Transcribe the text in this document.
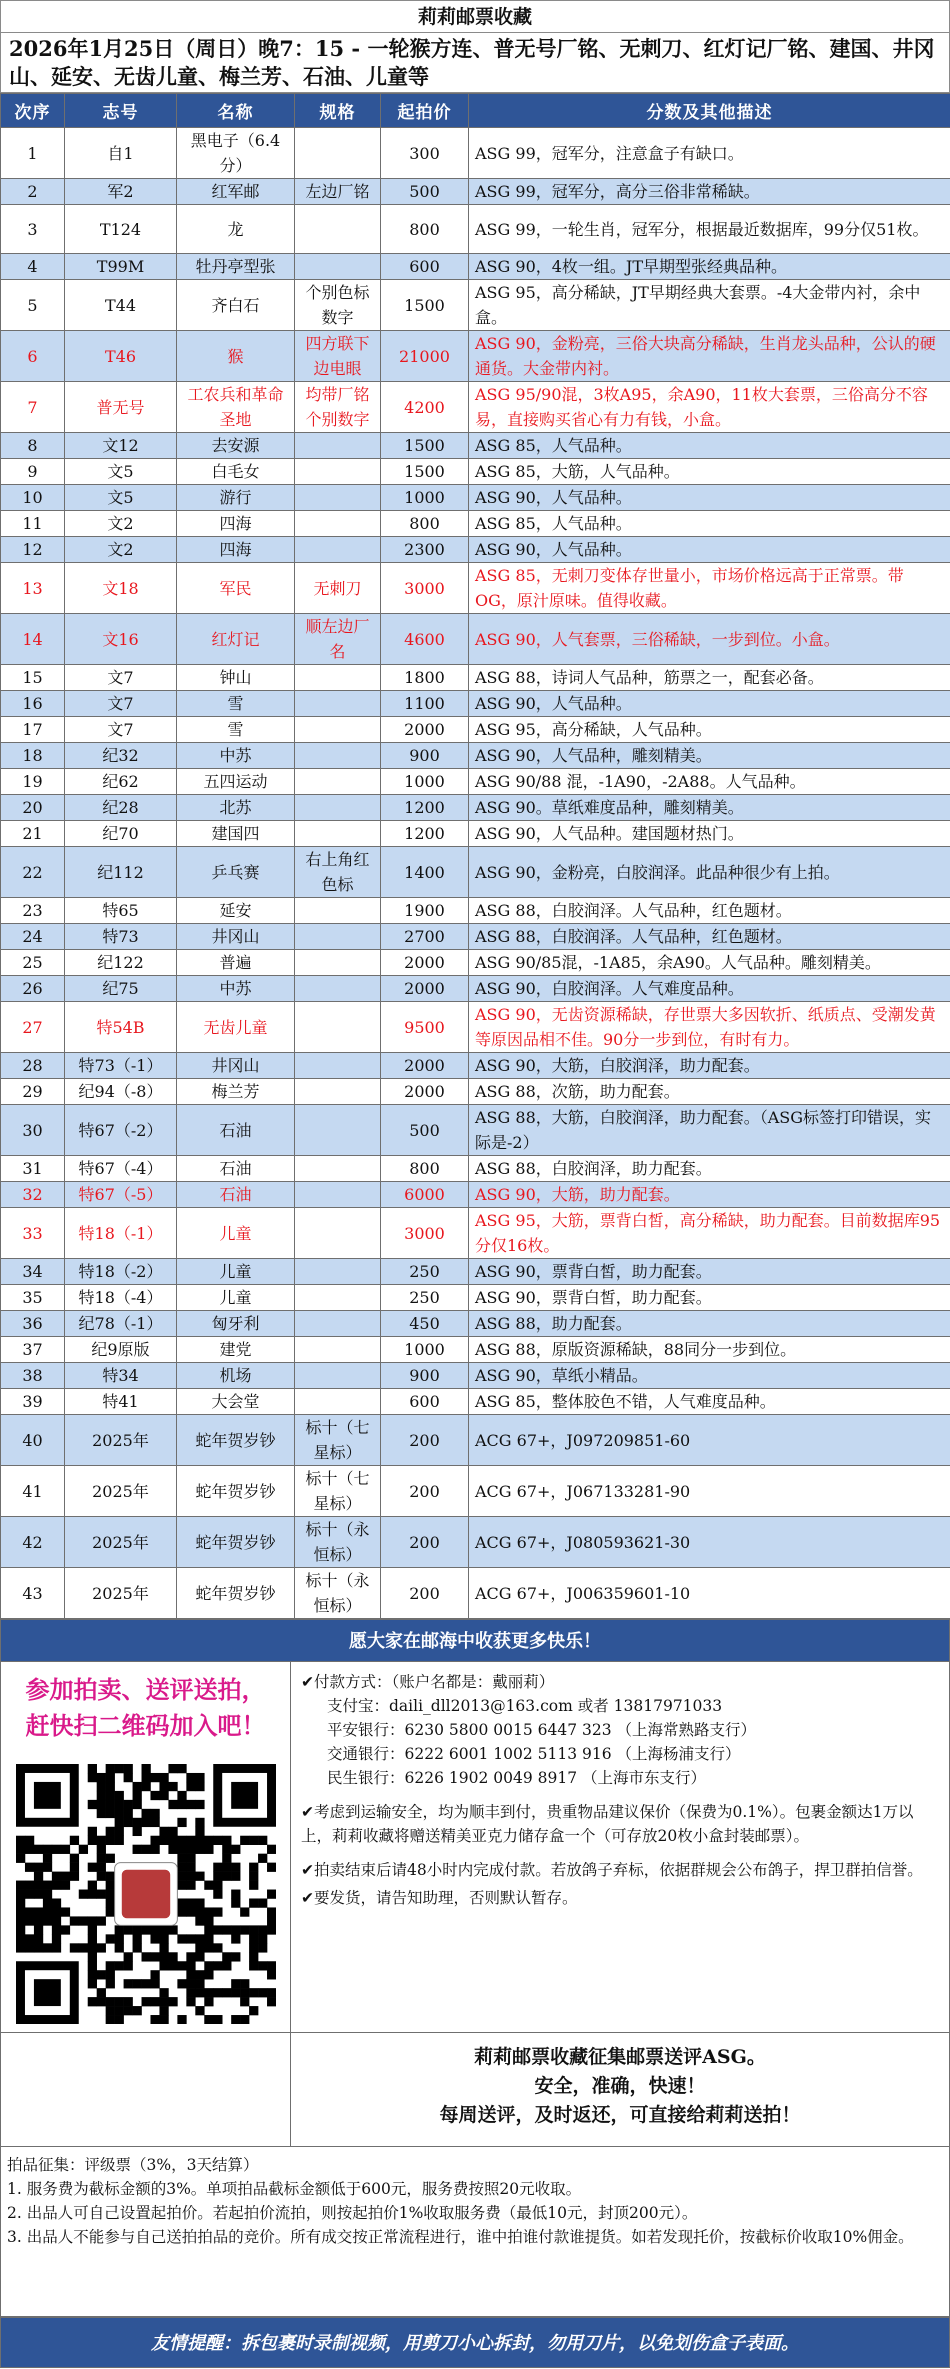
莉莉邮票收藏
2026年1月25日（周日）晚7：15 - 一轮猴方连、普无号厂铭、无刺刀、红灯记厂铭、建国、井冈山、延安、无齿儿童、梅兰芳、石油、儿童等
次序	志号	名称	规格	起拍价	分数及其他描述

1	自1	黑电子（6.4分）		300	ASG 99，冠军分，注意盒子有缺口。

2	军2	红军邮	左边厂铭	500	ASG 99，冠军分，高分三俗非常稀缺。

3	T124	龙		800	ASG 99，一轮生肖，冠军分，根据最近数据库，99分仅51枚。

4	T99M	牡丹亭型张		600	ASG 90，4枚一组。JT早期型张经典品种。

5	T44	齐白石	个别色标数字	1500	ASG 95，高分稀缺，JT早期经典大套票。-4大金带内衬，余中盒。

6	T46	猴	四方联下边电眼	21000	ASG 90，金粉亮，三俗大块高分稀缺，生肖龙头品种，公认的硬通货。大金带内衬。

7	普无号	工农兵和革命圣地	均带厂铭个别数字	4200	ASG 95/90混，3枚A95，余A90，11枚大套票，三俗高分不容易，直接购买省心有力有钱，小盒。

8	文12	去安源		1500	ASG 85，人气品种。

9	文5	白毛女		1500	ASG 85，大筋，人气品种。

10	文5	游行		1000	ASG 90，人气品种。

11	文2	四海		800	ASG 85，人气品种。

12	文2	四海		2300	ASG 90，人气品种。

13	文18	军民	无刺刀	3000	ASG 85，无刺刀变体存世量小，市场价格远高于正常票。带OG，原汁原味。值得收藏。

14	文16	红灯记	顺左边厂名	4600	ASG 90，人气套票，三俗稀缺，一步到位。小盒。

15	文7	钟山		1800	ASG 88，诗词人气品种，筋票之一，配套必备。

16	文7	雪		1100	ASG 90，人气品种。

17	文7	雪		2000	ASG 95，高分稀缺，人气品种。

18	纪32	中苏		900	ASG 90，人气品种，雕刻精美。

19	纪62	五四运动		1000	ASG 90/88 混，-1A90，-2A88。人气品种。

20	纪28	北苏		1200	ASG 90。草纸难度品种，雕刻精美。

21	纪70	建国四		1200	ASG 90，人气品种。建国题材热门。

22	纪112	乒乓赛	右上角红色标	1400	ASG 90，金粉亮，白胶润泽。此品种很少有上拍。

23	特65	延安		1900	ASG 88，白胶润泽。人气品种，红色题材。

24	特73	井冈山		2700	ASG 88，白胶润泽。人气品种，红色题材。

25	纪122	普遍		2000	ASG 90/85混，-1A85，余A90。人气品种。雕刻精美。

26	纪75	中苏		2000	ASG 90，白胶润泽。人气难度品种。

27	特54B	无齿儿童		9500	ASG 90，无齿资源稀缺，存世票大多因软折、纸质点、受潮发黄等原因品相不佳。90分一步到位，有时有力。

28	特73（-1）	井冈山		2000	ASG 90，大筋，白胶润泽，助力配套。

29	纪94（-8）	梅兰芳		2000	ASG 88，次筋，助力配套。

30	特67（-2）	石油		500	ASG 88，大筋，白胶润泽，助力配套。（ASG标签打印错误，实际是-2）

31	特67（-4）	石油		800	ASG 88，白胶润泽，助力配套。

32	特67（-5）	石油		6000	ASG 90，大筋，助力配套。

33	特18（-1）	儿童		3000	ASG 95，大筋，票背白皙，高分稀缺，助力配套。目前数据库95分仅16枚。

34	特18（-2）	儿童		250	ASG 90，票背白皙，助力配套。

35	特18（-4）	儿童		250	ASG 90，票背白皙，助力配套。

36	纪78（-1）	匈牙利		450	ASG 88，助力配套。

37	纪9原版	建党		1000	ASG 88，原版资源稀缺，88同分一步到位。

38	特34	机场		900	ASG 90，草纸小精品。

39	特41	大会堂		600	ASG 85，整体胶色不错，人气难度品种。

40	2025年	蛇年贺岁钞	标十（七星标）	200	ACG 67+，J097209851-60

41	2025年	蛇年贺岁钞	标十（七星标）	200	ACG 67+，J067133281-90

42	2025年	蛇年贺岁钞	标十（永恒标）	200	ACG 67+，J080593621-30

43	2025年	蛇年贺岁钞	标十（永恒标）	200	ACG 67+，J006359601-10
愿大家在邮海中收获更多快乐！
参加拍卖、送评送拍，
赶快扫二维码加入吧！
✔付款方式：（账户名都是：戴丽莉）
支付宝：daili_dll2013@163.com 或者 13817971033
平安银行：6230 5800 0015 6447 323 （上海常熟路支行）
交通银行：6222 6001 1002 5113 916 （上海杨浦支行）
民生银行：6226 1902 0049 8917 （上海市东支行）
✔考虑到运输安全，均为顺丰到付，贵重物品建议保价（保费为0.1%）。包裹金额达1万以上，莉莉收藏将赠送精美亚克力储存盒一个（可存放20枚小盒封装邮票）。
✔拍卖结束后请48小时内完成付款。若放鸽子弃标，依据群规会公布鸽子，捍卫群拍信誉。
✔要发货，请告知助理，否则默认暂存。
莉莉邮票收藏征集邮票送评ASG。
安全，准确，快速！
每周送评，及时返还，可直接给莉莉送拍！
拍品征集：评级票（3%，3天结算）
1. 服务费为截标金额的3%。单项拍品截标金额低于600元，服务费按照20元收取。
2. 出品人可自己设置起拍价。若起拍价流拍，则按起拍价1%收取服务费（最低10元，封顶200元）。
3. 出品人不能参与自己送拍拍品的竞价。所有成交按正常流程进行，谁中拍谁付款谁提货。如若发现托价，按截标价收取10%佣金。
友情提醒：拆包裹时录制视频，用剪刀小心拆封，勿用刀片，以免划伤盒子表面。
